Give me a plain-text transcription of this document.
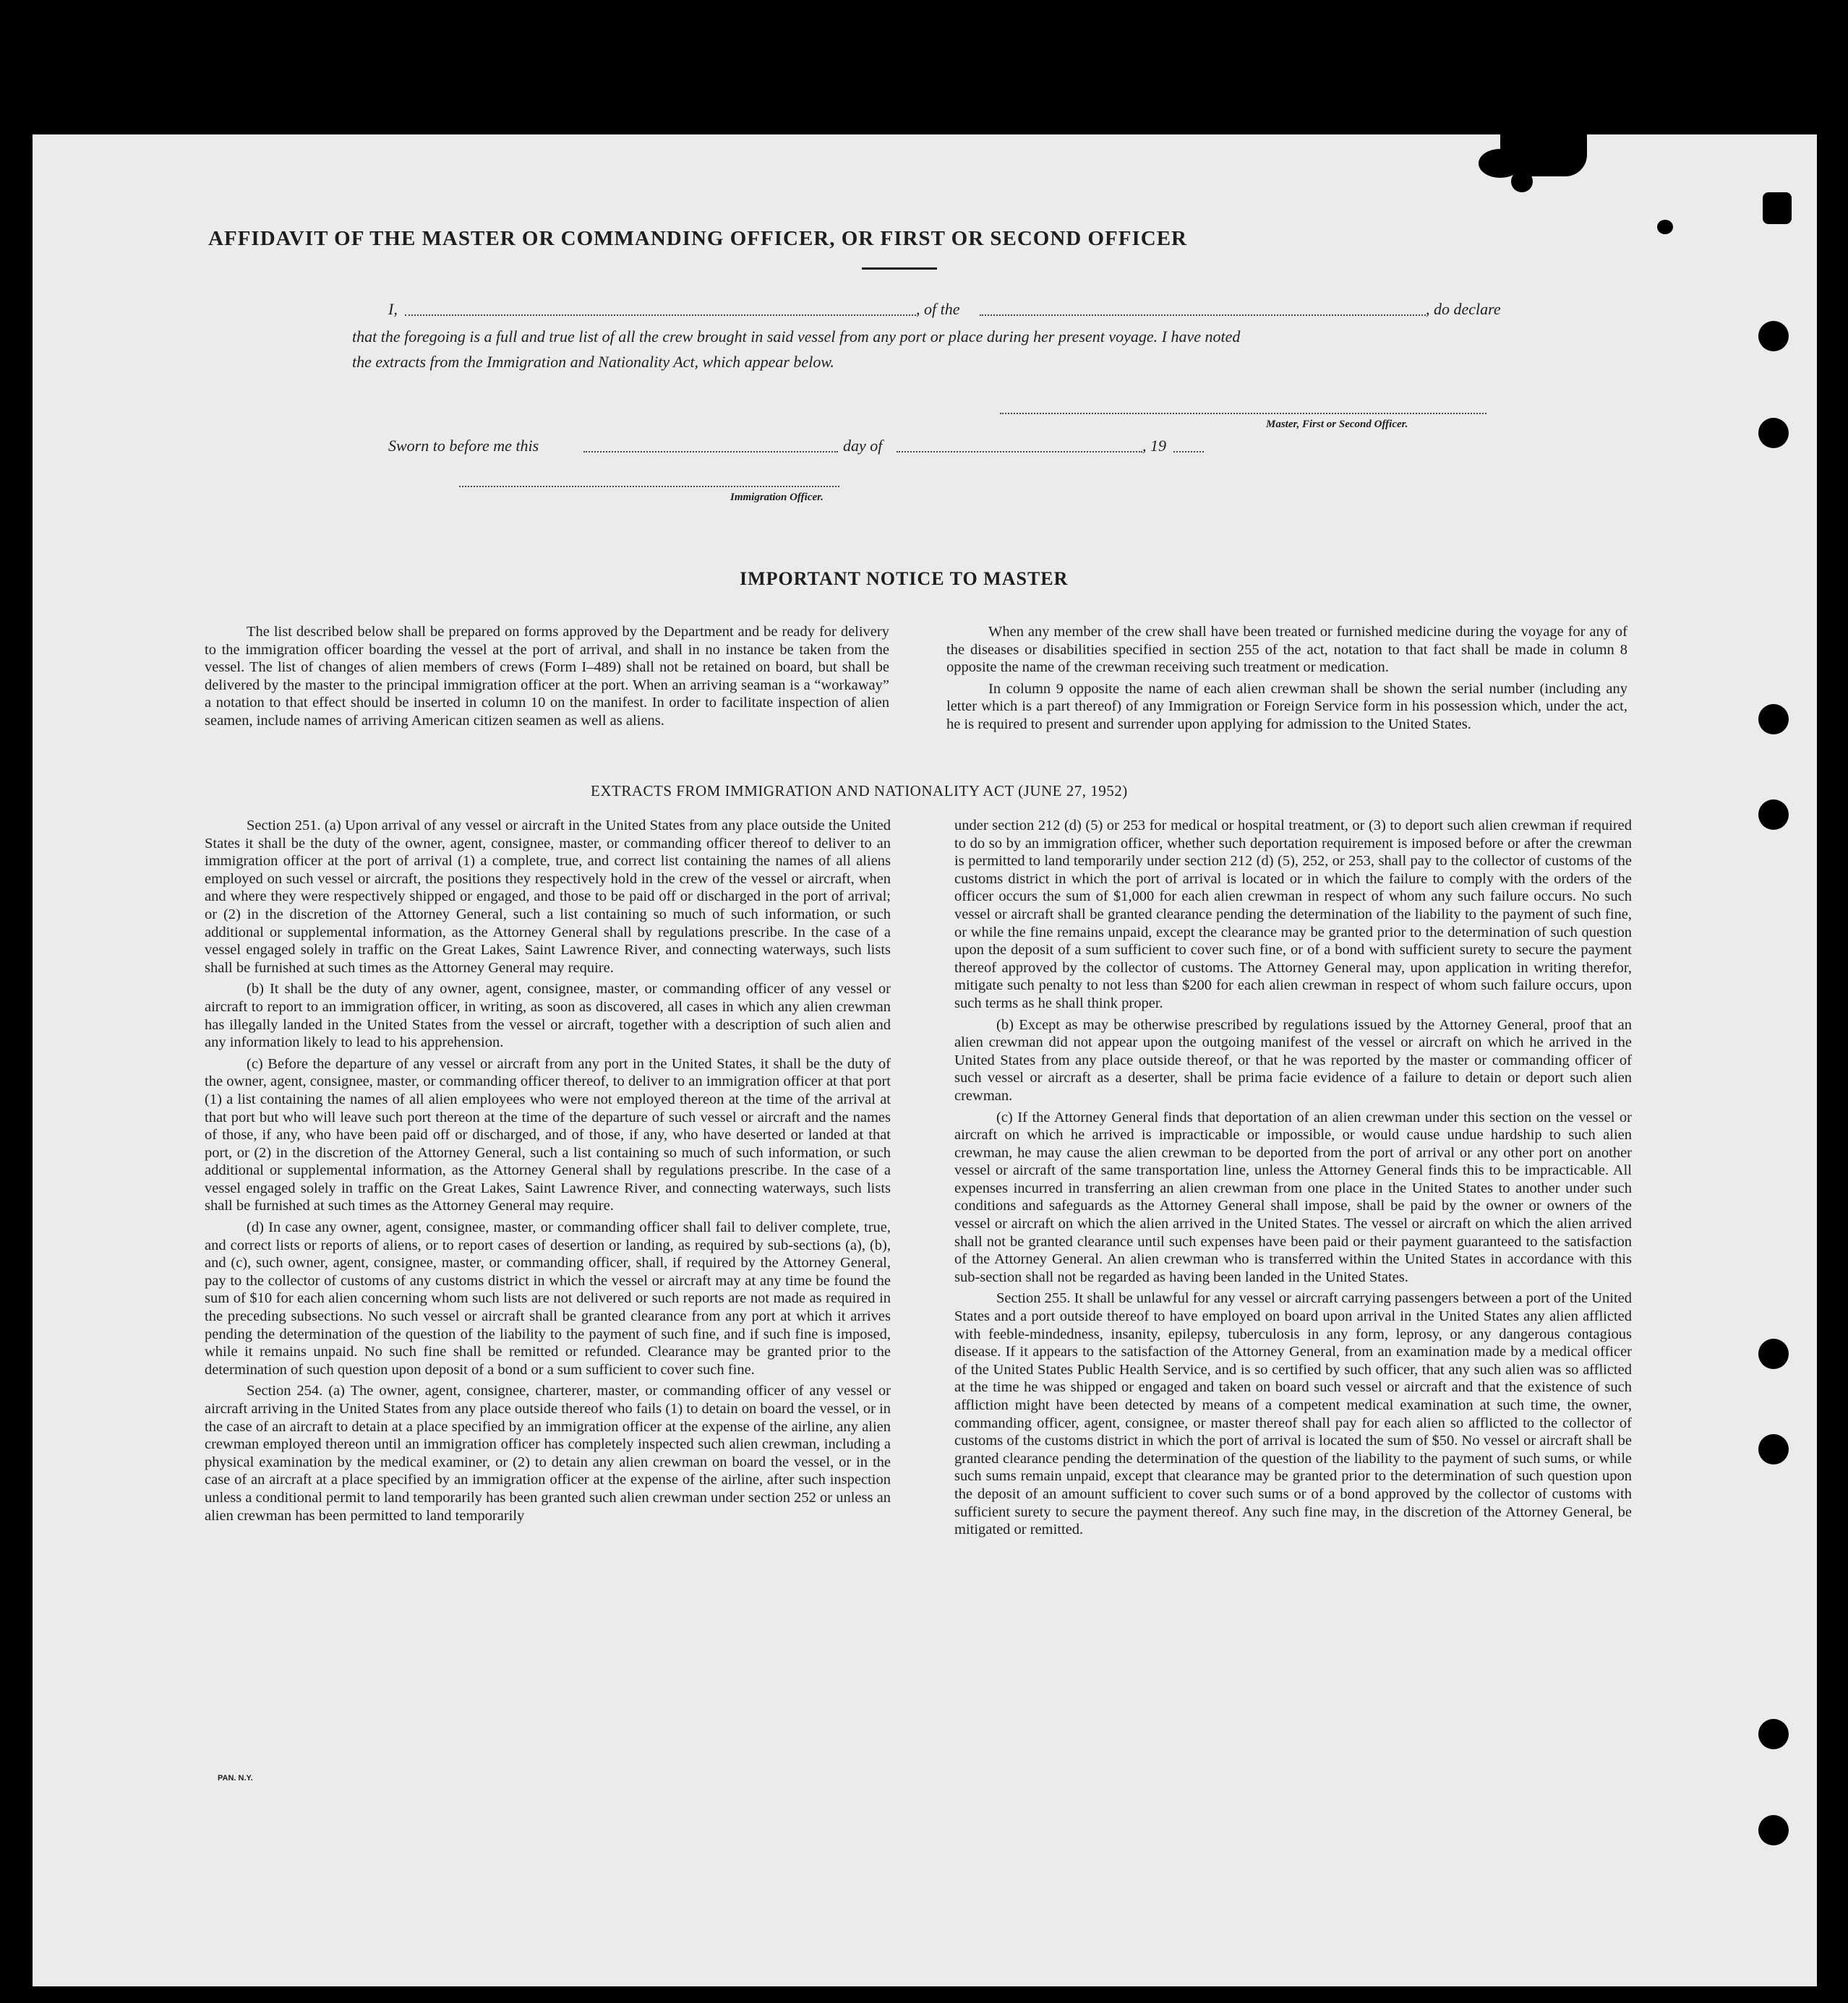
AFFIDAVIT OF THE MASTER OR COMMANDING OFFICER, OR FIRST OR SECOND OFFICER
I,	, of the	, do declare
that the foregoing is a full and true list of all the crew brought in said vessel from any port or place during her present voyage. I have noted
the extracts from the Immigration and Nationality Act, which appear below.
Master, First or Second Officer.
Sworn to before me this	day of	, 19
Immigration Officer.
IMPORTANT NOTICE TO MASTER

The list described below shall be prepared on forms approved by the Department and be ready for delivery to the immigration officer boarding the vessel at the port of arrival, and shall in no instance be taken from the vessel. The list of changes of alien members of crews (Form I–489) shall not be retained on board, but shall be delivered by the master to the principal immigration officer at the port. When an arriving seaman is a “workaway” a notation to that effect should be inserted in column 10 on the manifest. In order to facilitate inspection of alien seamen, include names of arriving American citizen seamen as well as aliens.

When any member of the crew shall have been treated or furnished medicine during the voyage for any of the diseases or disabilities specified in section 255 of the act, notation to that fact shall be made in column 8 opposite the name of the crewman receiving such treatment or medication.

In column 9 opposite the name of each alien crewman shall be shown the serial number (including any letter which is a part thereof) of any Immigration or Foreign Service form in his possession which, under the act, he is required to present and surrender upon applying for admission to the United States.

EXTRACTS FROM IMMIGRATION AND NATIONALITY ACT (JUNE 27, 1952)

Section 251. (a) Upon arrival of any vessel or aircraft in the United States from any place outside the United States it shall be the duty of the owner, agent, consignee, master, or commanding officer thereof to deliver to an immigration officer at the port of arrival (1) a complete, true, and correct list containing the names of all aliens employed on such vessel or aircraft, the positions they respectively hold in the crew of the vessel or aircraft, when and where they were respectively shipped or engaged, and those to be paid off or discharged in the port of arrival; or (2) in the discretion of the Attorney General, such a list containing so much of such information, or such additional or supplemental information, as the Attorney General shall by regulations prescribe. In the case of a vessel engaged solely in traffic on the Great Lakes, Saint Lawrence River, and connecting waterways, such lists shall be furnished at such times as the Attorney General may require.

(b) It shall be the duty of any owner, agent, consignee, master, or commanding officer of any vessel or aircraft to report to an immigration officer, in writing, as soon as discovered, all cases in which any alien crewman has illegally landed in the United States from the vessel or aircraft, together with a description of such alien and any information likely to lead to his apprehension.

(c) Before the departure of any vessel or aircraft from any port in the United States, it shall be the duty of the owner, agent, consignee, master, or commanding officer thereof, to deliver to an immigration officer at that port (1) a list containing the names of all alien employees who were not employed thereon at the time of the arrival at that port but who will leave such port thereon at the time of the departure of such vessel or aircraft and the names of those, if any, who have been paid off or discharged, and of those, if any, who have deserted or landed at that port, or (2) in the discretion of the Attorney General, such a list containing so much of such information, or such additional or supplemental information, as the Attorney General shall by regulations prescribe. In the case of a vessel engaged solely in traffic on the Great Lakes, Saint Lawrence River, and connecting waterways, such lists shall be furnished at such times as the Attorney General may require.

(d) In case any owner, agent, consignee, master, or commanding officer shall fail to deliver complete, true, and correct lists or reports of aliens, or to report cases of desertion or landing, as required by sub-sections (a), (b), and (c), such owner, agent, consignee, master, or commanding officer, shall, if required by the Attorney General, pay to the collector of customs of any customs district in which the vessel or aircraft may at any time be found the sum of $10 for each alien concerning whom such lists are not delivered or such reports are not made as required in the preceding subsections. No such vessel or aircraft shall be granted clearance from any port at which it arrives pending the determination of the question of the liability to the payment of such fine, and if such fine is imposed, while it remains unpaid. No such fine shall be remitted or refunded. Clearance may be granted prior to the determination of such question upon deposit of a bond or a sum sufficient to cover such fine.

Section 254. (a) The owner, agent, consignee, charterer, master, or commanding officer of any vessel or aircraft arriving in the United States from any place outside thereof who fails (1) to detain on board the vessel, or in the case of an aircraft to detain at a place specified by an immigration officer at the expense of the airline, any alien crewman employed thereon until an immigration officer has completely inspected such alien crewman, including a physical examination by the medical examiner, or (2) to detain any alien crewman on board the vessel, or in the case of an aircraft at a place specified by an immigration officer at the expense of the airline, after such inspection unless a conditional permit to land temporarily has been granted such alien crewman under section 252 or unless an alien crewman has been permitted to land temporarily

under section 212 (d) (5) or 253 for medical or hospital treatment, or (3) to deport such alien crewman if required to do so by an immigration officer, whether such deportation requirement is imposed before or after the crewman is permitted to land temporarily under section 212 (d) (5), 252, or 253, shall pay to the collector of customs of the customs district in which the port of arrival is located or in which the failure to comply with the orders of the officer occurs the sum of $1,000 for each alien crewman in respect of whom any such failure occurs. No such vessel or aircraft shall be granted clearance pending the determination of the liability to the payment of such fine, or while the fine remains unpaid, except the clearance may be granted prior to the determination of such question upon the deposit of a sum sufficient to cover such fine, or of a bond with sufficient surety to secure the payment thereof approved by the collector of customs. The Attorney General may, upon application in writing therefor, mitigate such penalty to not less than $200 for each alien crewman in respect of whom such failure occurs, upon such terms as he shall think proper.

(b) Except as may be otherwise prescribed by regulations issued by the Attorney General, proof that an alien crewman did not appear upon the outgoing manifest of the vessel or aircraft on which he arrived in the United States from any place outside thereof, or that he was reported by the master or commanding officer of such vessel or aircraft as a deserter, shall be prima facie evidence of a failure to detain or deport such alien crewman.

(c) If the Attorney General finds that deportation of an alien crewman under this section on the vessel or aircraft on which he arrived is impracticable or impossible, or would cause undue hardship to such alien crewman, he may cause the alien crewman to be deported from the port of arrival or any other port on another vessel or aircraft of the same transportation line, unless the Attorney General finds this to be impracticable. All expenses incurred in transferring an alien crewman from one place in the United States to another under such conditions and safeguards as the Attorney General shall impose, shall be paid by the owner or owners of the vessel or aircraft on which the alien arrived in the United States. The vessel or aircraft on which the alien arrived shall not be granted clearance until such expenses have been paid or their payment guaranteed to the satisfaction of the Attorney General. An alien crewman who is transferred within the United States in accordance with this sub-section shall not be regarded as having been landed in the United States.

Section 255. It shall be unlawful for any vessel or aircraft carrying passengers between a port of the United States and a port outside thereof to have employed on board upon arrival in the United States any alien afflicted with feeble-mindedness, insanity, epilepsy, tuberculosis in any form, leprosy, or any dangerous contagious disease. If it appears to the satisfaction of the Attorney General, from an examination made by a medical officer of the United States Public Health Service, and is so certified by such officer, that any such alien was so afflicted at the time he was shipped or engaged and taken on board such vessel or aircraft and that the existence of such affliction might have been detected by means of a competent medical examination at such time, the owner, commanding officer, agent, consignee, or master thereof shall pay for each alien so afflicted to the collector of customs of the customs district in which the port of arrival is located the sum of $50. No vessel or aircraft shall be granted clearance pending the determination of the question of the liability to the payment of such sums, or while such sums remain unpaid, except that clearance may be granted prior to the determination of such question upon the deposit of an amount sufficient to cover such sums or of a bond approved by the collector of customs with sufficient surety to secure the payment thereof. Any such fine may, in the discretion of the Attorney General, be mitigated or remitted.

PAN. N.Y.
